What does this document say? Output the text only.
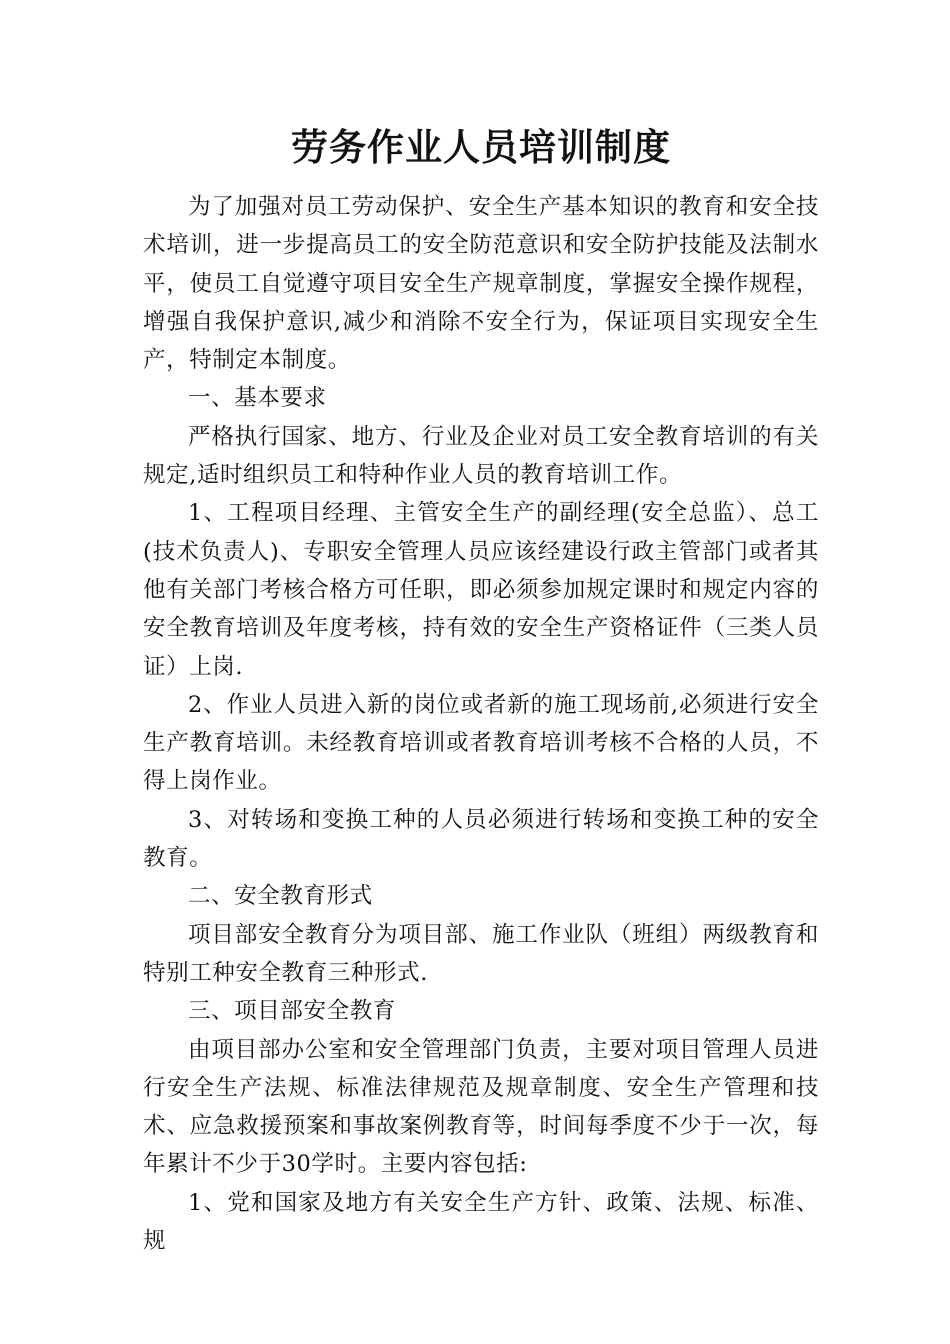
劳务作业人员培训制度

为了加强对员工劳动保护、安全生产基本知识的教育和安全技术培训，进一步提高员工的安全防范意识和安全防护技能及法制水平，使员工自觉遵守项目安全生产规章制度，掌握安全操作规程，增强自我保护意识,减少和消除不安全行为，保证项目实现安全生产，特制定本制度。

一、基本要求

严格执行国家、地方、行业及企业对员工安全教育培训的有关规定,适时组织员工和特种作业人员的教育培训工作。

1、工程项目经理、主管安全生产的副经理(安全总监）、总工(技术负责人)、专职安全管理人员应该经建设行政主管部门或者其他有关部门考核合格方可任职，即必须参加规定课时和规定内容的安全教育培训及年度考核，持有效的安全生产资格证件（三类人员证）上岗.

2、作业人员进入新的岗位或者新的施工现场前,必须进行安全生产教育培训。未经教育培训或者教育培训考核不合格的人员，不得上岗作业。

3、对转场和变换工种的人员必须进行转场和变换工种的安全教育。

二、安全教育形式

项目部安全教育分为项目部、施工作业队（班组）两级教育和特别工种安全教育三种形式.

三、项目部安全教育

由项目部办公室和安全管理部门负责，主要对项目管理人员进行安全生产法规、标准法律规范及规章制度、安全生产管理和技术、应急救援预案和事故案例教育等，时间每季度不少于一次，每年累计不少于30学时。主要内容包括:

1、党和国家及地方有关安全生产方针、政策、法规、标准、规
